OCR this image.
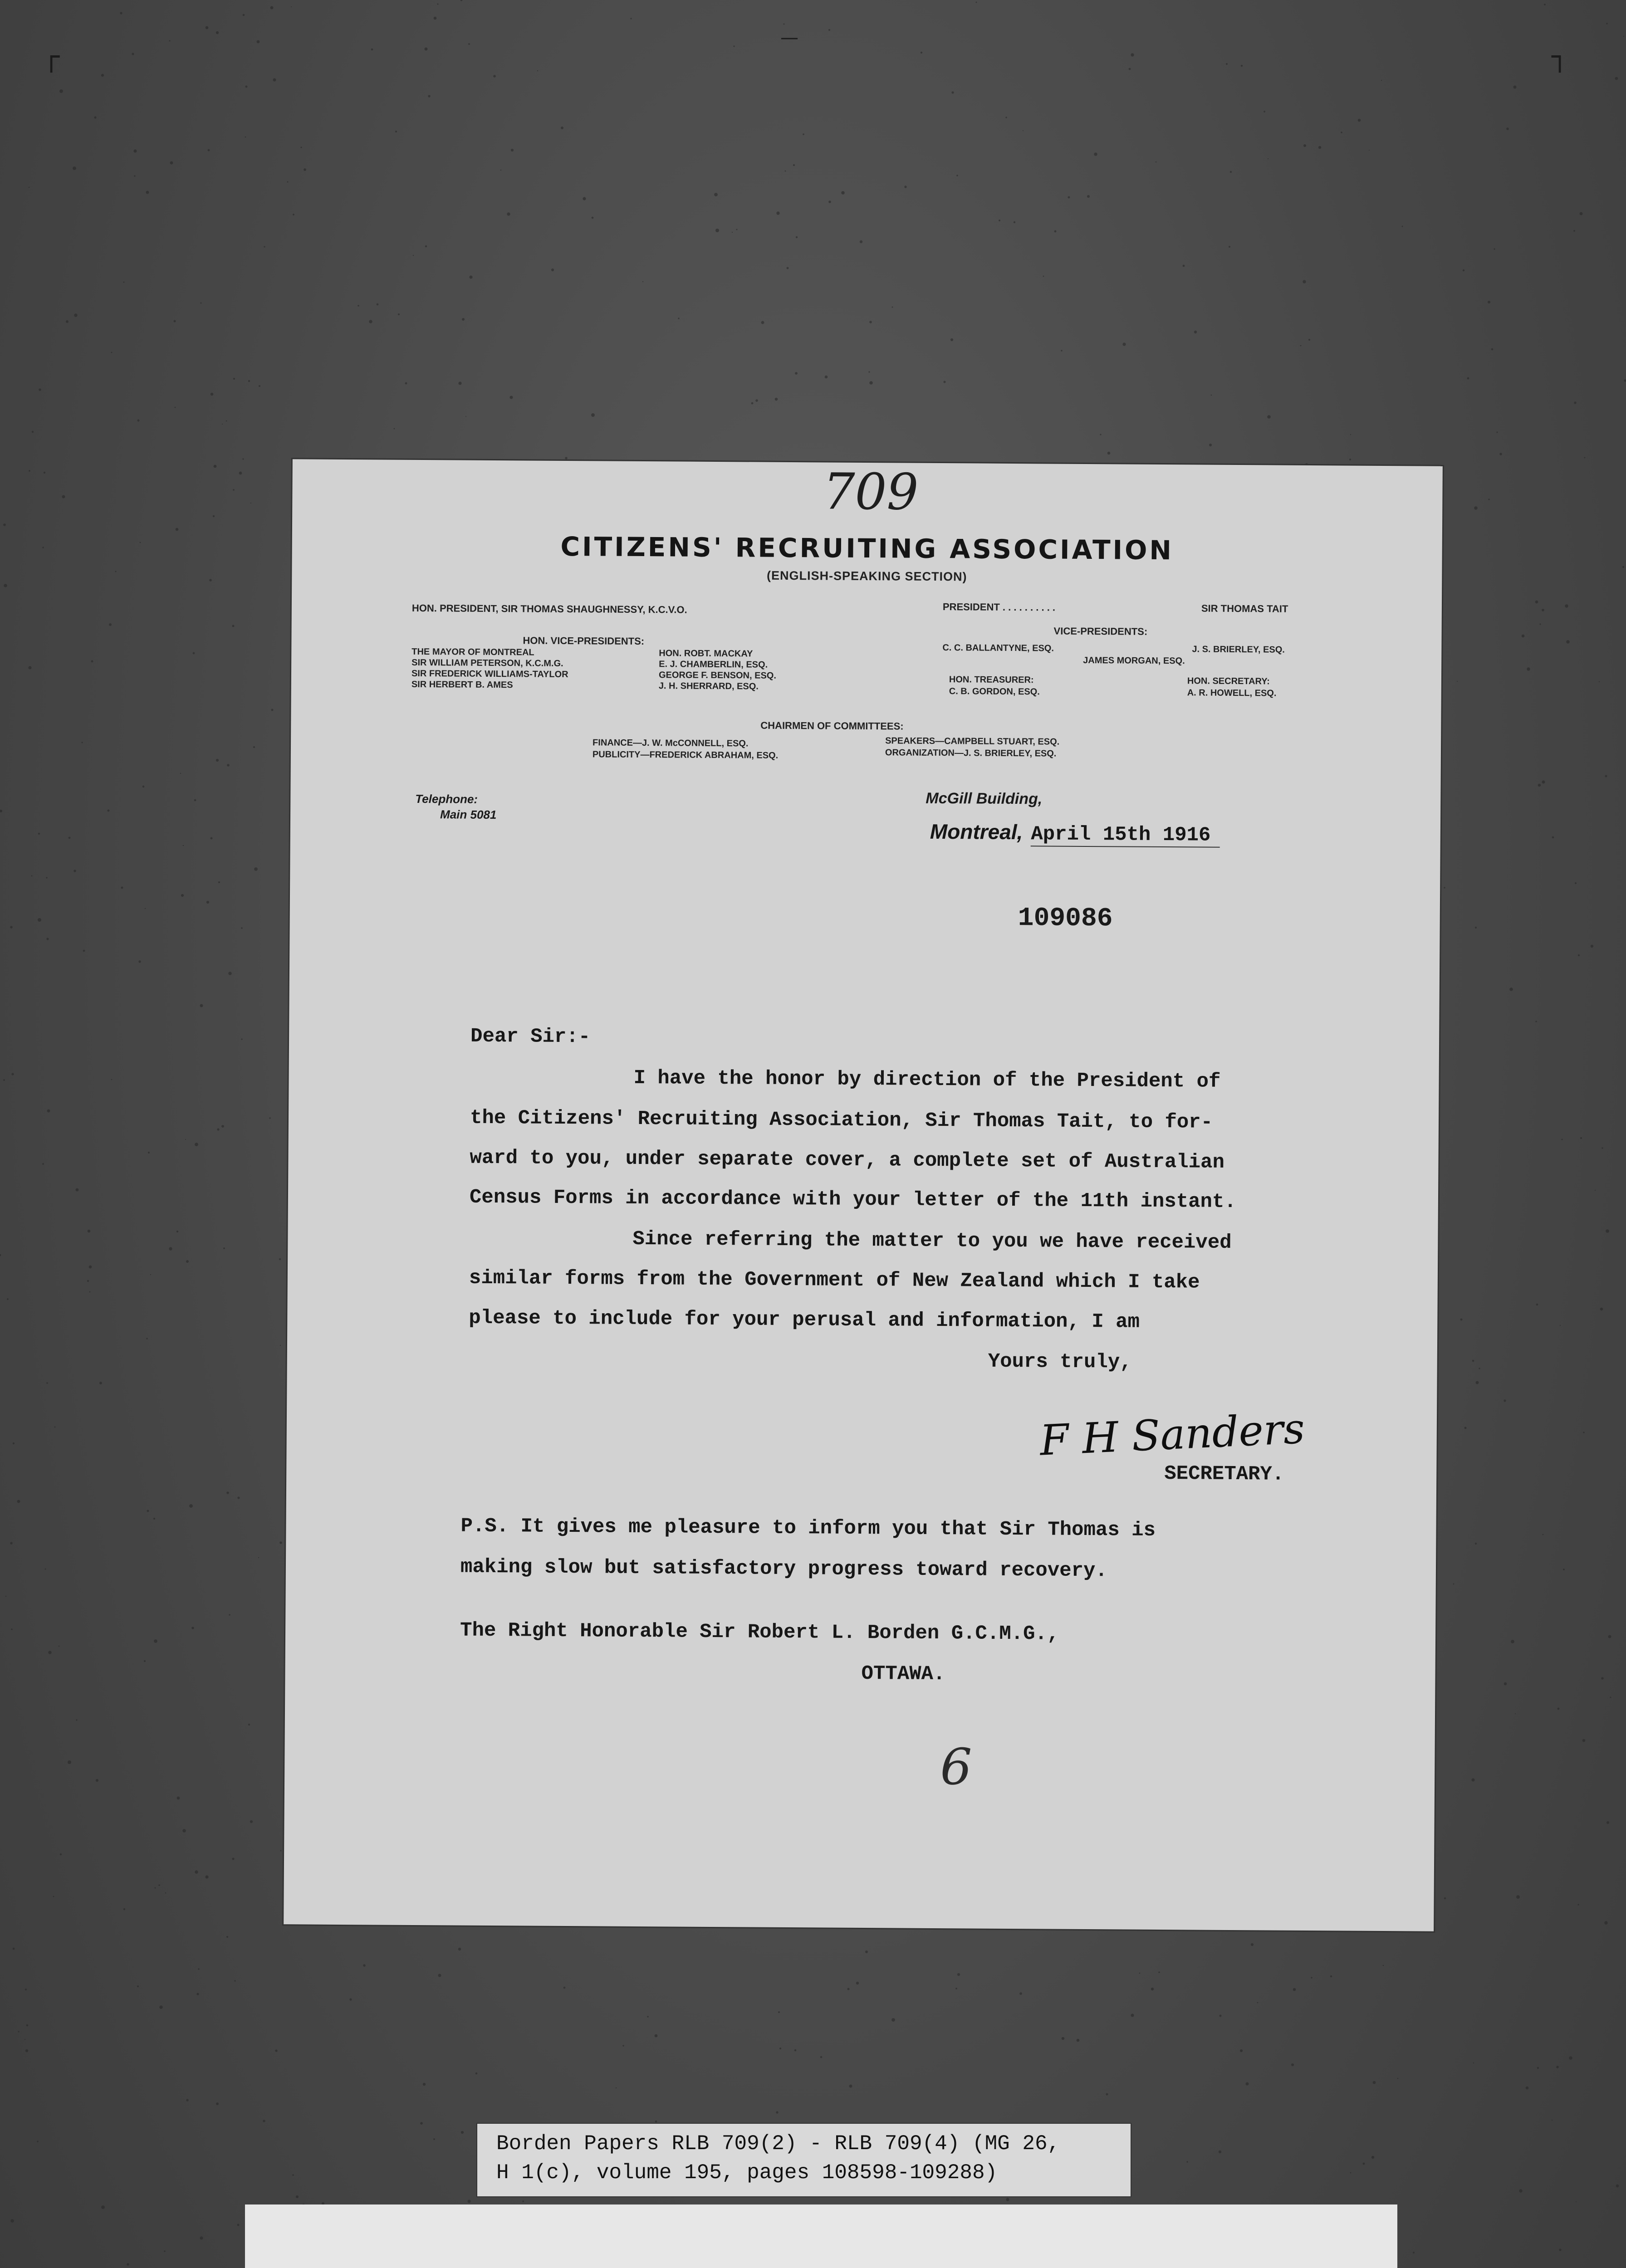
┌	┐
—
709
CITIZENS' RECRUITING ASSOCIATION
(ENGLISH-SPEAKING SECTION)
HON. PRESIDENT, SIR THOMAS SHAUGHNESSY, K.C.V.O.
HON. VICE-PRESIDENTS:
THE MAYOR OF MONTREAL
SIR WILLIAM PETERSON, K.C.M.G.
SIR FREDERICK WILLIAMS-TAYLOR
SIR HERBERT B. AMES
HON. ROBT. MACKAY
E. J. CHAMBERLIN, ESQ.
GEORGE F. BENSON, ESQ.
J. H. SHERRARD, ESQ.
PRESIDENT . . . . . . . . . .	SIR THOMAS TAIT
VICE-PRESIDENTS:
C. C. BALLANTYNE, ESQ.	J. S. BRIERLEY, ESQ.
JAMES MORGAN, ESQ.
HON. TREASURER:
C. B. GORDON, ESQ.
HON. SECRETARY:
A. R. HOWELL, ESQ.
CHAIRMEN OF COMMITTEES:
FINANCE—J. W. McCONNELL, ESQ.
PUBLICITY—FREDERICK ABRAHAM, ESQ.
SPEAKERS—CAMPBELL STUART, ESQ.
ORGANIZATION—J. S. BRIERLEY, ESQ.
Telephone:
Main 5081
McGill Building,
Montreal, April 15th 1916
109086
Dear Sir:-
I have the honor by direction of the President of
the Citizens' Recruiting Association, Sir Thomas Tait, to for-
ward to you, under separate cover, a complete set of Australian
Census Forms in accordance with your letter of the 11th instant.
Since referring the matter to you we have received
similar forms from the Government of New Zealand which I take
please to include for your perusal and information, I am
Yours truly,
F H Sanders
SECRETARY.
P.S. It gives me pleasure to inform you that Sir Thomas is
making slow but satisfactory progress toward recovery.
The Right Honorable Sir Robert L. Borden G.C.M.G.,
OTTAWA.
6
Borden Papers RLB 709(2) - RLB 709(4) (MG 26,
H 1(c), volume 195, pages 108598-109288)
